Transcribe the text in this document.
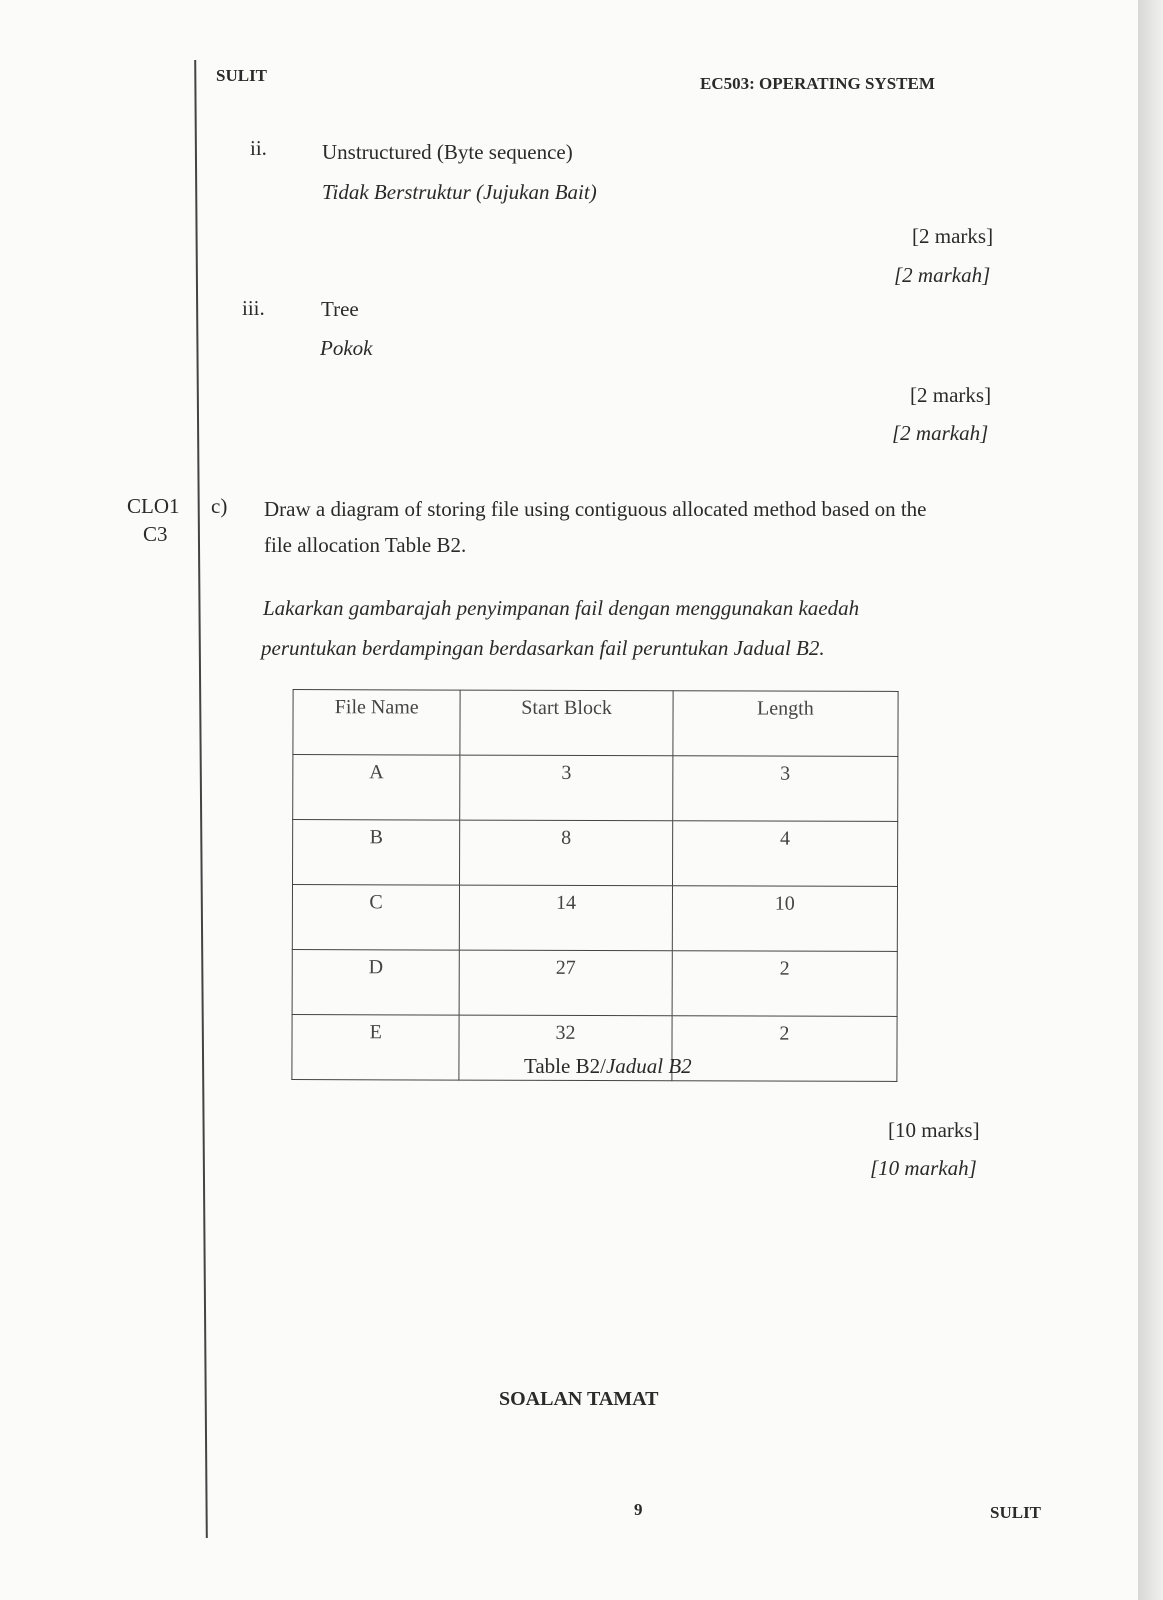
SULIT	EC503: OPERATING SYSTEM
ii.	Unstructured (Byte sequence)
Tidak Berstruktur (Jujukan Bait)
[2 marks]
[2 markah]
iii.	Tree
Pokok
[2 marks]
[2 markah]
CLO1
C3
c) Draw a diagram of storing file using contiguous allocated method based on the
file allocation Table B2.
Lakarkan gambarajah penyimpanan fail dengan menggunakan kaedah
peruntukan berdampingan berdasarkan fail peruntukan Jadual B2.
File Name	Start Block	Length
A	3	3
B	8	4
C	14	10
D	27	2
E	32	2
Table B2/Jadual B2
[10 marks]
[10 markah]
SOALAN TAMAT
9	SULIT
